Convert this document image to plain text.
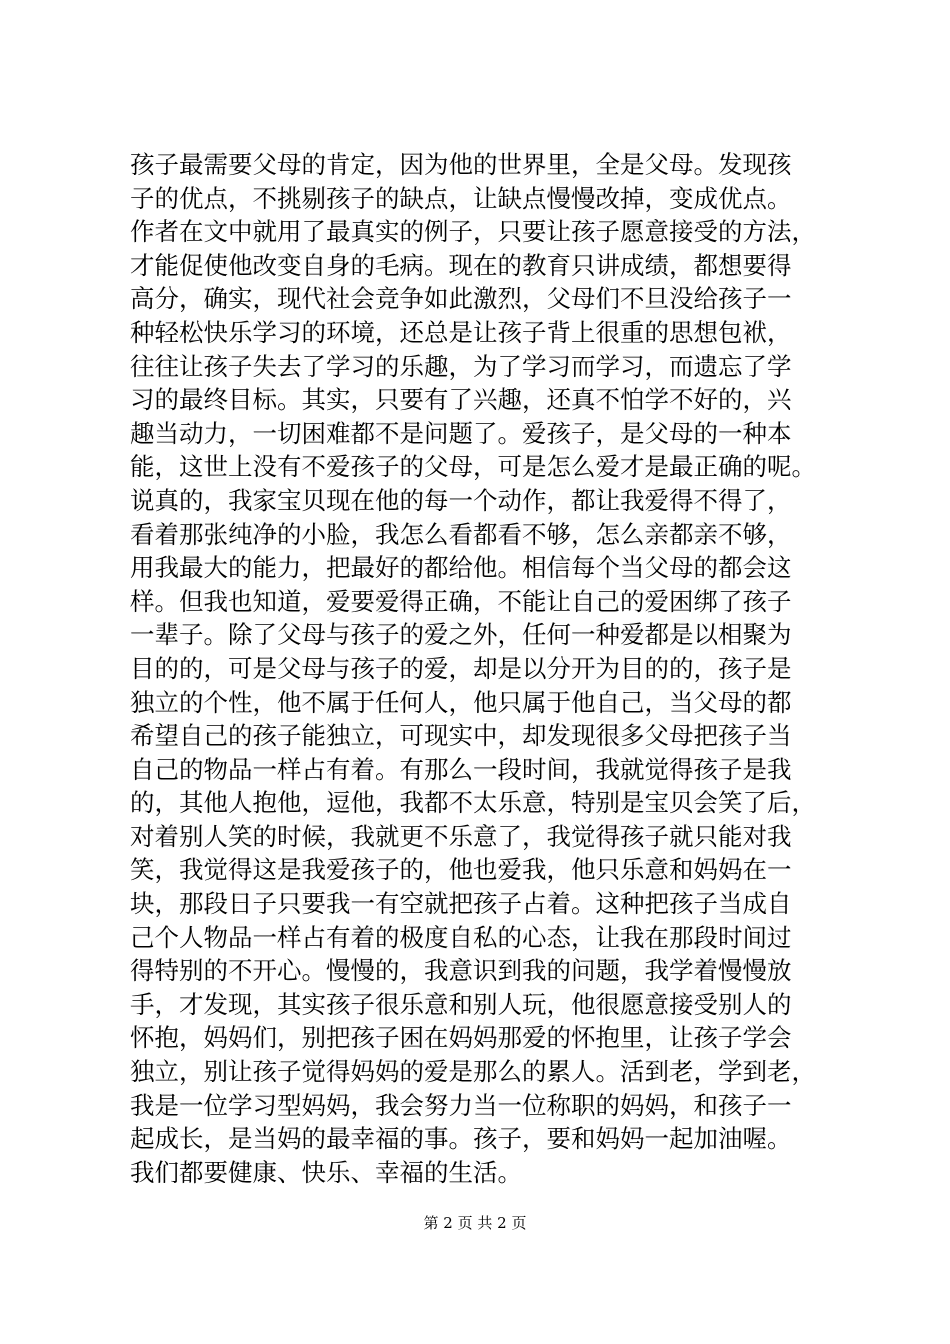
孩子最需要父母的肯定，因为他的世界里，全是父母。发现孩
子的优点，不挑剔孩子的缺点，让缺点慢慢改掉，变成优点。
作者在文中就用了最真实的例子，只要让孩子愿意接受的方法，
才能促使他改变自身的毛病。现在的教育只讲成绩，都想要得
高分，确实，现代社会竞争如此激烈，父母们不旦没给孩子一
种轻松快乐学习的环境，还总是让孩子背上很重的思想包袱，
往往让孩子失去了学习的乐趣，为了学习而学习，而遗忘了学
习的最终目标。其实，只要有了兴趣，还真不怕学不好的，兴
趣当动力，一切困难都不是问题了。爱孩子，是父母的一种本
能，这世上没有不爱孩子的父母，可是怎么爱才是最正确的呢。
说真的，我家宝贝现在他的每一个动作，都让我爱得不得了，
看着那张纯净的小脸，我怎么看都看不够，怎么亲都亲不够，
用我最大的能力，把最好的都给他。相信每个当父母的都会这
样。但我也知道，爱要爱得正确，不能让自己的爱困绑了孩子
一辈子。除了父母与孩子的爱之外，任何一种爱都是以相聚为
目的的，可是父母与孩子的爱，却是以分开为目的的，孩子是
独立的个性，他不属于任何人，他只属于他自己，当父母的都
希望自己的孩子能独立，可现实中，却发现很多父母把孩子当
自己的物品一样占有着。有那么一段时间，我就觉得孩子是我
的，其他人抱他，逗他，我都不太乐意，特别是宝贝会笑了后，
对着别人笑的时候，我就更不乐意了，我觉得孩子就只能对我
笑，我觉得这是我爱孩子的，他也爱我，他只乐意和妈妈在一
块，那段日子只要我一有空就把孩子占着。这种把孩子当成自
己个人物品一样占有着的极度自私的心态，让我在那段时间过
得特别的不开心。慢慢的，我意识到我的问题，我学着慢慢放
手，才发现，其实孩子很乐意和别人玩，他很愿意接受别人的
怀抱，妈妈们，别把孩子困在妈妈那爱的怀抱里，让孩子学会
独立，别让孩子觉得妈妈的爱是那么的累人。活到老，学到老，
我是一位学习型妈妈，我会努力当一位称职的妈妈，和孩子一
起成长，是当妈的最幸福的事。孩子，要和妈妈一起加油喔。
我们都要健康、快乐、幸福的生活。
第 2 页 共 2 页
